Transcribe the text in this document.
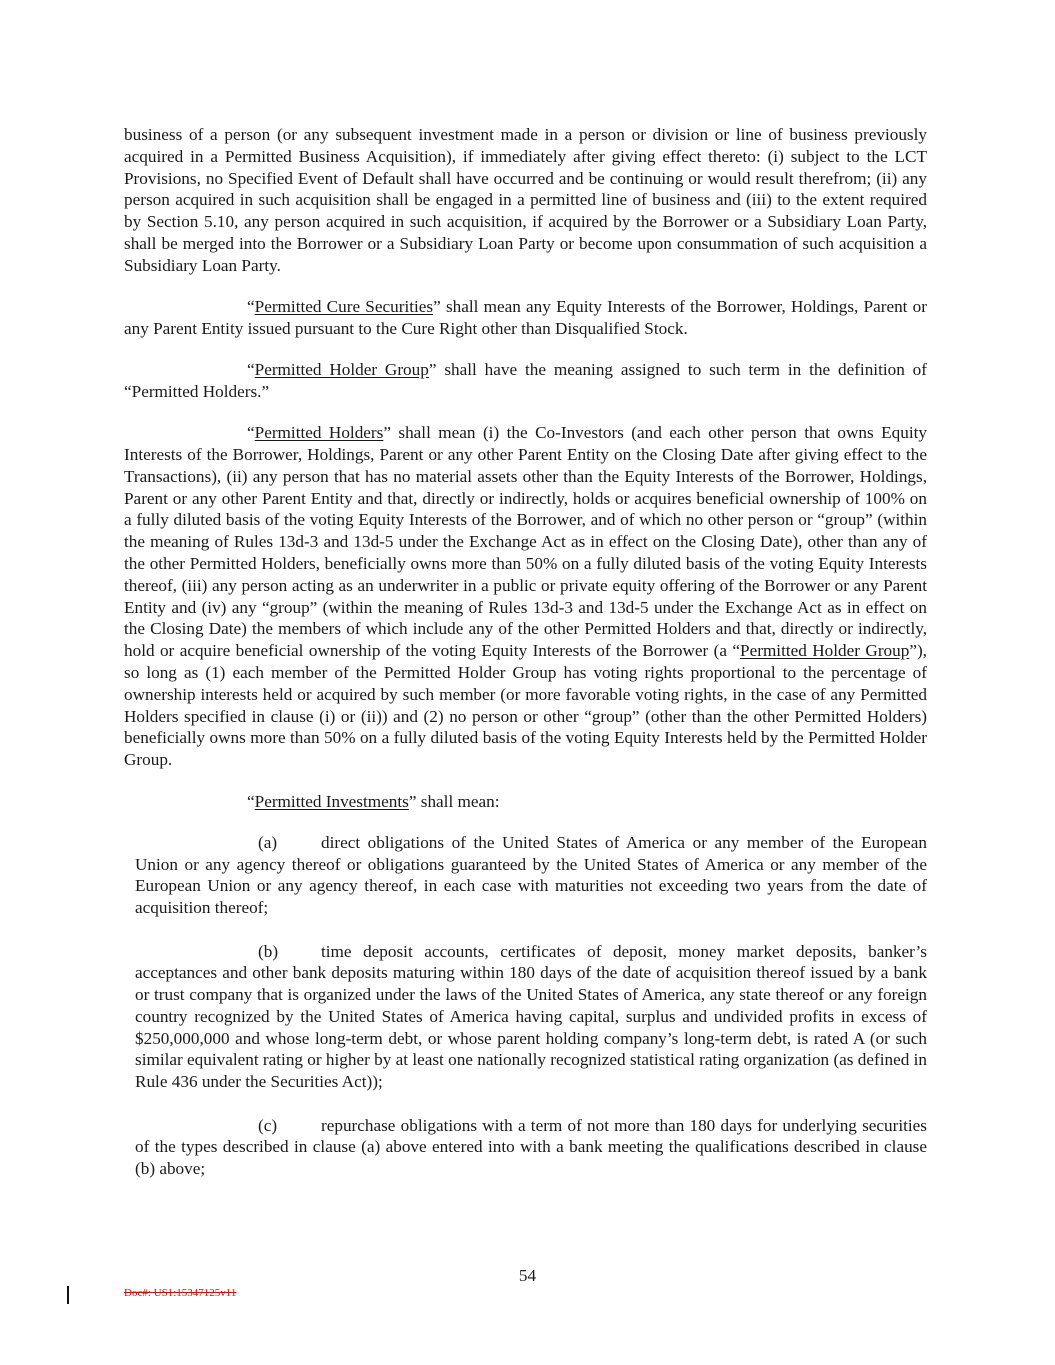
business of a person (or any subsequent investment made in a person or division or line of business previously acquired in a Permitted Business Acquisition), if immediately after giving effect thereto: (i) subject to the LCT Provisions, no Specified Event of Default shall have occurred and be continuing or would result therefrom; (ii) any person acquired in such acquisition shall be engaged in a permitted line of business and (iii) to the extent required by Section 5.10, any person acquired in such acquisition, if acquired by the Borrower or a Subsidiary Loan Party, shall be merged into the Borrower or a Subsidiary Loan Party or become upon consummation of such acquisition a Subsidiary Loan Party.

“Permitted Cure Securities” shall mean any Equity Interests of the Borrower, Holdings, Parent or any Parent Entity issued pursuant to the Cure Right other than Disqualified Stock.

“Permitted Holder Group” shall have the meaning assigned to such term in the definition of “Permitted Holders.”

“Permitted Holders” shall mean (i) the Co-Investors (and each other person that owns Equity Interests of the Borrower, Holdings, Parent or any other Parent Entity on the Closing Date after giving effect to the Transactions), (ii) any person that has no material assets other than the Equity Interests of the Borrower, Holdings, Parent or any other Parent Entity and that, directly or indirectly, holds or acquires beneficial ownership of 100% on a fully diluted basis of the voting Equity Interests of the Borrower, and of which no other person or “group” (within the meaning of Rules 13d-3 and 13d-5 under the Exchange Act as in effect on the Closing Date), other than any of the other Permitted Holders, beneficially owns more than 50% on a fully diluted basis of the voting Equity Interests thereof, (iii) any person acting as an underwriter in a public or private equity offering of the Borrower or any Parent Entity and (iv) any “group” (within the meaning of Rules 13d-3 and 13d-5 under the Exchange Act as in effect on the Closing Date) the members of which include any of the other Permitted Holders and that, directly or indirectly, hold or acquire beneficial ownership of the voting Equity Interests of the Borrower (a “Permitted Holder Group”), so long as (1) each member of the Permitted Holder Group has voting rights proportional to the percentage of ownership interests held or acquired by such member (or more favorable voting rights, in the case of any Permitted Holders specified in clause (i) or (ii)) and (2) no person or other “group” (other than the other Permitted Holders) beneficially owns more than 50% on a fully diluted basis of the voting Equity Interests held by the Permitted Holder Group.

“Permitted Investments” shall mean:

(a)	direct obligations of the United States of America or any member of the European Union or any agency thereof or obligations guaranteed by the United States of America or any member of the European Union or any agency thereof, in each case with maturities not exceeding two years from the date of acquisition thereof;

(b) time deposit accounts, certificates of deposit, money market deposits, banker’s acceptances and other bank deposits maturing within 180 days of the date of acquisition thereof issued by a bank or trust company that is organized under the laws of the United States of America, any state thereof or any foreign country recognized by the United States of America having capital, surplus and undivided profits in excess of $250,000,000 and whose long-term debt, or whose parent holding company’s long-term debt, is rated A (or such similar equivalent rating or higher by at least one nationally recognized statistical rating organization (as defined in Rule 436 under the Securities Act));

(c)	repurchase obligations with a term of not more than 180 days for underlying securities of the types described in clause (a) above entered into with a bank meeting the qualifications described in clause (b) above;

54
Doc#: US1:15347125v11
